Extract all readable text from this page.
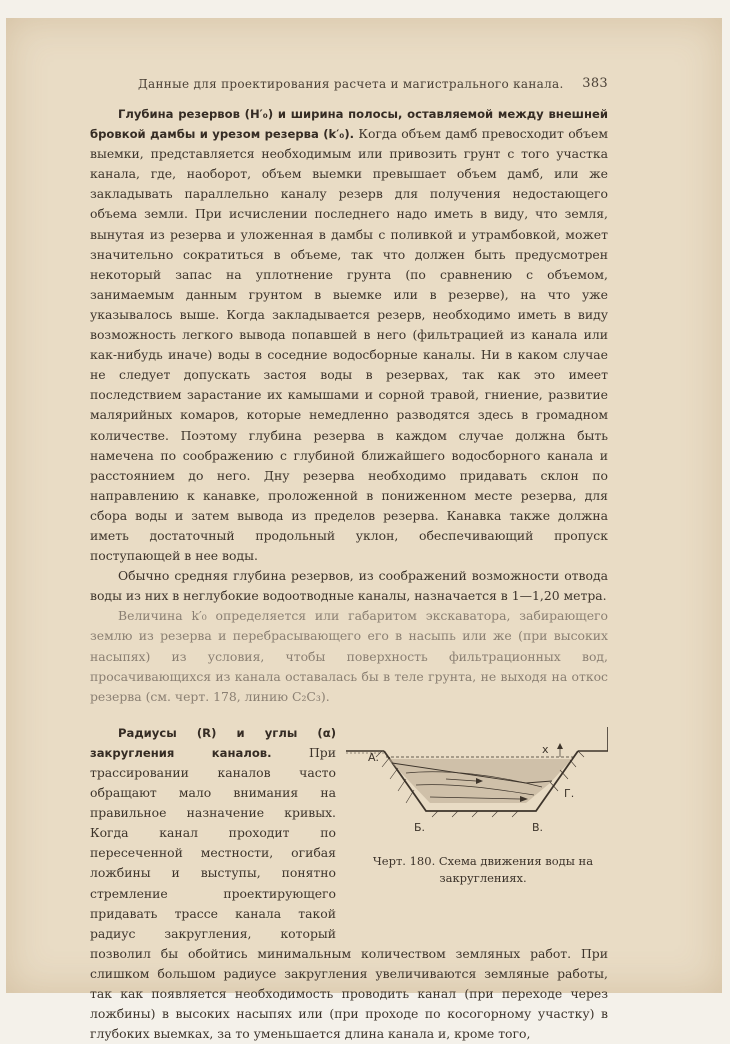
Данные для проектирования расчета и магистрального канала. 383

Глубина резервов (H′₀) и ширина полосы, оставляемой между внешней бровкой дамбы и урезом резерва (k′₀). Когда объем дамб превосходит объем выемки, представляется необходимым или привозить грунт с того участка канала, где, наоборот, объем выемки превышает объем дамб, или же закладывать параллельно каналу резерв для получения недостающего объема земли. При исчислении последнего надо иметь в виду, что земля, вынутая из резерва и уложенная в дамбы с поливкой и утрамбовкой, может значительно сократиться в объеме, так что должен быть предусмотрен некоторый запас на уплотнение грунта (по сравнению с объемом, занимаемым данным грунтом в выемке или в резерве), на что уже указывалось выше. Когда закладывается резерв, необходимо иметь в виду возможность легкого вывода попавшей в него (фильтрацией из канала или как-нибудь иначе) воды в соседние водосборные каналы. Ни в каком случае не следует допускать застоя воды в резервах, так как это имеет последствием зарастание их камышами и сорной травой, гниение, развитие малярийных комаров, которые немедленно разводятся здесь в громадном количестве. Поэтому глубина резерва в каждом случае должна быть намечена по соображению с глубиной ближайшего водосборного канала и расстоянием до него. Дну резерва необходимо придавать склон по направлению к канавке, проложенной в пониженном месте резерва, для сбора воды и затем вывода из пределов резерва. Канавка также должна иметь достаточный продольный уклон, обеспечивающий пропуск поступающей в нее воды.

Обычно средняя глубина резервов, из соображений возможности отвода воды из них в неглубокие водоотводные каналы, назначается в 1—1,20 метра.

Величина k′₀ определяется или габаритом экскаватора, забирающего землю из резерва и перебрасывающего его в насыпь или же (при высоких насыпях) из условия, чтобы поверхность фильтрационных вод, просачивающихся из канала оставалась бы в теле грунта, не выходя на откос резерва (см. черт. 178, линию C₂C₃).

x
А.
Б.	В.
Г.
Черт. 180. Схема движения воды на закруглениях.

Радиусы (R) и углы (α) закругления каналов.	При трассировании каналов часто обращают мало внимания на правильное назначение кривых. Когда канал проходит по пересеченной местности, огибая ложбины и выступы, понятно стремление проектирующего придавать трассе канала такой радиус закругления, который позволил бы обойтись минимальным количеством земляных работ. При слишком большом радиусе закругления увеличиваются земляные работы, так как появляется необходимость проводить канал (при переходе через ложбины) в высоких насыпях или (при проходе по косогорному участку) в глубоких выемках, за то уменьшается длина канала и, кроме того,
